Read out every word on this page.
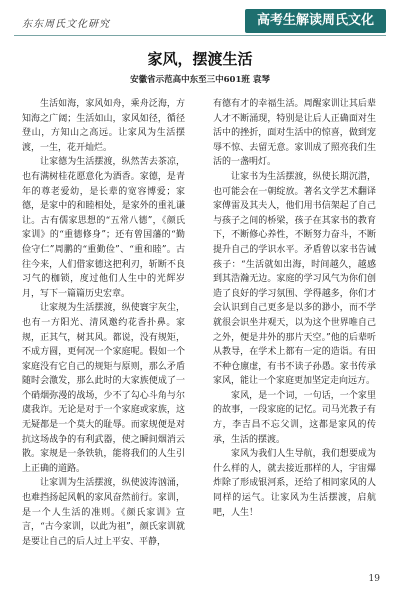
东东周氏文化研究	高考生解读周氏文化
家风，摆渡生活
安徽省示范高中东至三中601班 袁琴

生活如海，家风如舟，乘舟泛海，方知海之广阔；生活如山，家风如径，循径登山，方知山之高远。让家风为生活摆渡，一生，花开灿烂。

让家德为生活摆渡，纵然苦去茶凉，也有满树桂花愿意化为酒香。家德，是青年的尊老爱幼，是长辈的宽容博爱；家德，是家中的和睦相处，是家外的重礼谦让。古有儒家思想的“五常八德”，《颜氏家训》的“重德修身”；还有曾国藩的“勤俭守仁”周鹏的“重勤俭”、“重和睦”。古往今来，人们借家德这把利刃，斩断不良习气的枷锁，度过他们人生中的光辉岁月，写下一篇篇历史宏章。

让家规为生活摆渡，纵使寰宇灰尘，也有一方阳光、清风邀约花香扑鼻。家规，正其气，树其风。都说，没有规矩，不成方圆，更何况一个家庭呢。假如一个家庭没有它自己的规矩与原则，那么矛盾随时会激发，那么此时的大家族便成了一个硝烟弥漫的战场，少不了勾心斗角与尔虞我诈。无论是对于一个家庭或家族，这无疑都是一个莫大的耻辱。而家规便是对抗这场战争的有利武器，使之瞬间烟消云散。家规是一条铁轨，能将我们的人生引上正确的道路。

让家训为生活摆渡，纵使波涛汹涌，也难挡扬起风帆的家风奋然前行。家训，是一个人生活的准则。《颜氏家训》宣言，“古今家训，以此为祖”，颜氏家训就是要让自己的后人过上平安、平静，

有德有才的幸福生活。周醒家训让其后辈人才不断涌现，特别是让后人正确面对生活中的挫折，面对生活中的惊喜，做到宠辱不惊、去留无意。家训成了照亮我们生活的一盏明灯。

让家书为生活摆渡，纵使长期沉潜，也可能会在一朝绽放。著名文学艺术翻译家傅雷及其夫人，他们用书信架起了自己与孩子之间的桥梁，孩子在其家书的教育下，不断修心养性，不断努力奋斗，不断提升自己的学识水平。矛盾曾以家书告诫孩子：“生活就如出海，时间越久，越感到其浩瀚无边。家庭的学习风气为你们创造了良好的学习氛围、学得越多，你们才会认识到自己更多是以多的渺小，而不学就很会识坐井观天，以为这个世界唯自己之外，便是井外的那片天空。”他的后辈听从教导，在学术上都有一定的造诣。有田不种仓廪虚，有书不读子孙愚。家书传承家风，能让一个家庭更加坚定走向远方。

家风，是一个词，一句话，一个家里的故事，一段家庭的记忆。司马光教子有方，李吉昌不忘父训，这都是家风的传承，生活的摆渡。

家风为我们人生导航，我们想要成为什么样的人，就去接近那样的人，宇宙爆炸除了形成银河系，还给了相同家风的人同样的运气。让家风为生活摆渡，启航吧，人生！

19
